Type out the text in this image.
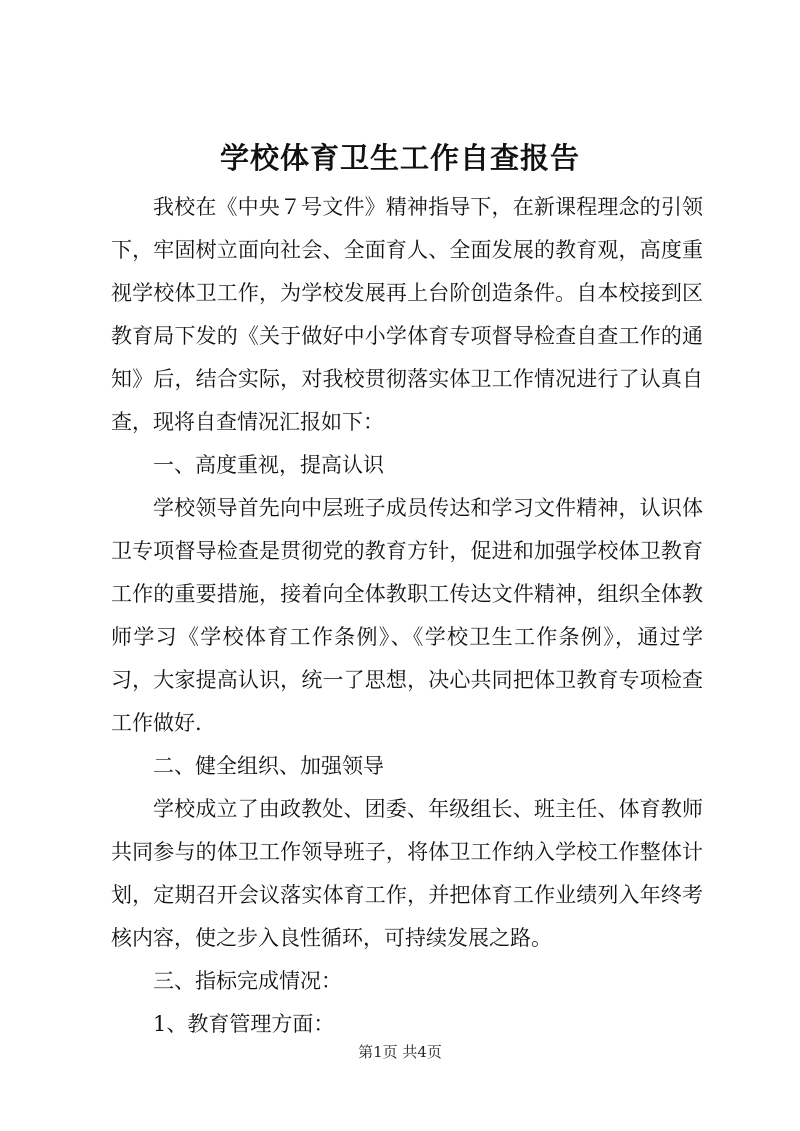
学校体育卫生工作自查报告

我校在《中央７号文件》精神指导下，在新课程理念的引领下，牢固树立面向社会、全面育人、全面发展的教育观，高度重视学校体卫工作，为学校发展再上台阶创造条件。自本校接到区教育局下发的《关于做好中小学体育专项督导检查自查工作的通知》后，结合实际，对我校贯彻落实体卫工作情况进行了认真自查，现将自查情况汇报如下：

一、高度重视，提高认识

学校领导首先向中层班子成员传达和学习文件精神，认识体卫专项督导检查是贯彻党的教育方针，促进和加强学校体卫教育工作的重要措施，接着向全体教职工传达文件精神，组织全体教师学习《学校体育工作条例》、《学校卫生工作条例》，通过学习，大家提高认识，统一了思想，决心共同把体卫教育专项检查工作做好.

二、健全组织、加强领导

学校成立了由政教处、团委、年级组长、班主任、体育教师共同参与的体卫工作领导班子，将体卫工作纳入学校工作整体计划，定期召开会议落实体育工作，并把体育工作业绩列入年终考核内容，使之步入良性循环，可持续发展之路。

三、指标完成情况：

1、教育管理方面：

第1页 共4页
